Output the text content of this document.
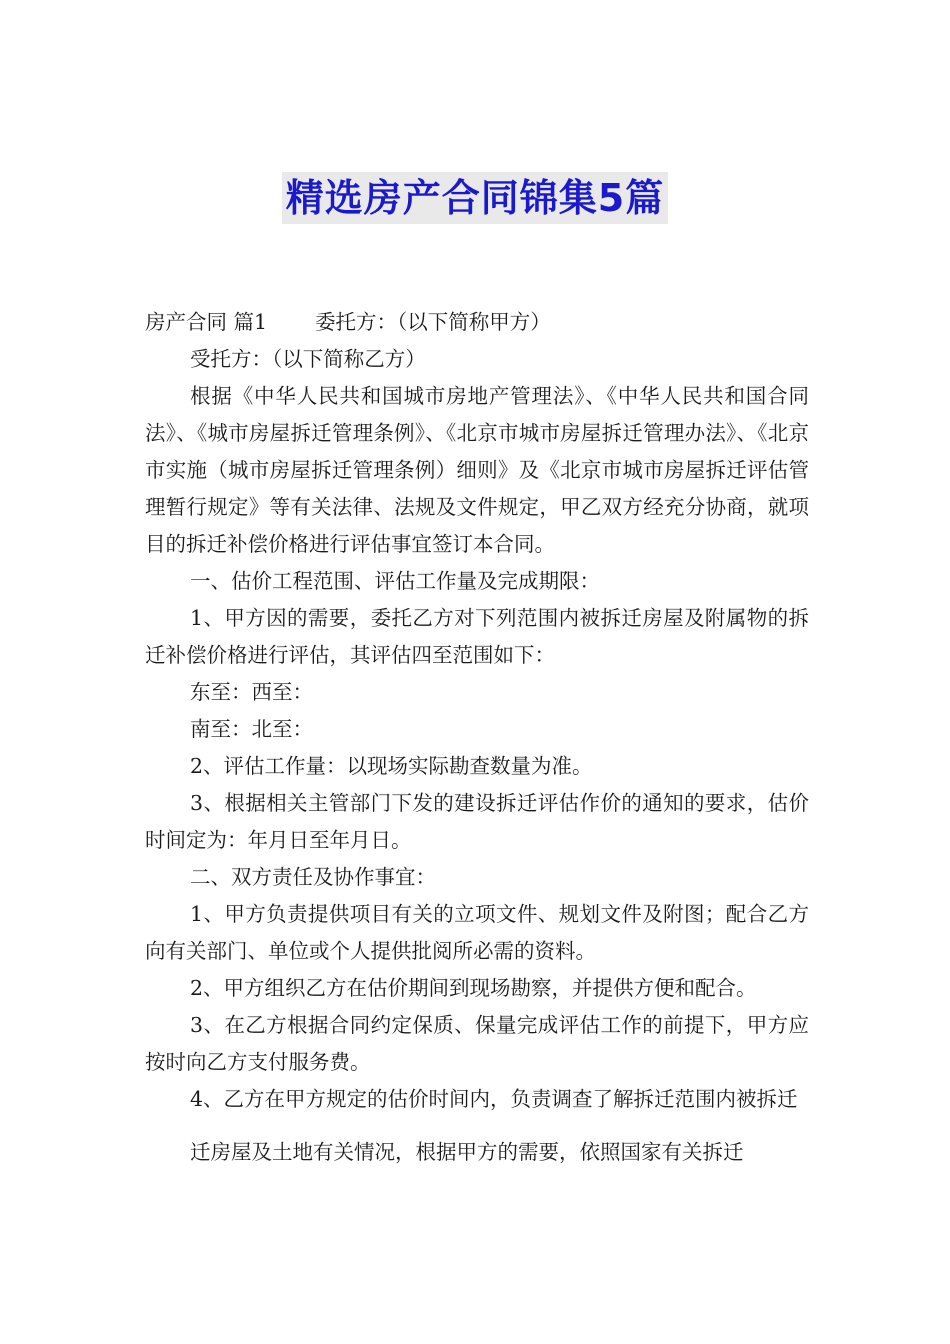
精选房产合同锦集5篇

房产合同 篇1 委托方：（以下简称甲方）

受托方：（以下简称乙方）

根据《中华人民共和国城市房地产管理法》、《中华人民共和国合同法》、《城市房屋拆迁管理条例》、《北京市城市房屋拆迁管理办法》、《北京市实施（城市房屋拆迁管理条例）细则》及《北京市城市房屋拆迁评估管理暂行规定》等有关法律、法规及文件规定，甲乙双方经充分协商，就项目的拆迁补偿价格进行评估事宜签订本合同。

一、估价工程范围、评估工作量及完成期限：

1、甲方因的需要，委托乙方对下列范围内被拆迁房屋及附属物的拆迁补偿价格进行评估，其评估四至范围如下：

东至：西至：

南至：北至：

2、评估工作量：以现场实际勘查数量为准。

3、根据相关主管部门下发的建设拆迁评估作价的通知的要求，估价时间定为：年月日至年月日。

二、双方责任及协作事宜：

1、甲方负责提供项目有关的立项文件、规划文件及附图；配合乙方向有关部门、单位或个人提供批阅所必需的资料。

2、甲方组织乙方在估价期间到现场勘察，并提供方便和配合。

3、在乙方根据合同约定保质、保量完成评估工作的前提下，甲方应按时向乙方支付服务费。

4、乙方在甲方规定的估价时间内，负责调查了解拆迁范围内被拆迁

迁房屋及土地有关情况，根据甲方的需要，依照国家有关拆迁
